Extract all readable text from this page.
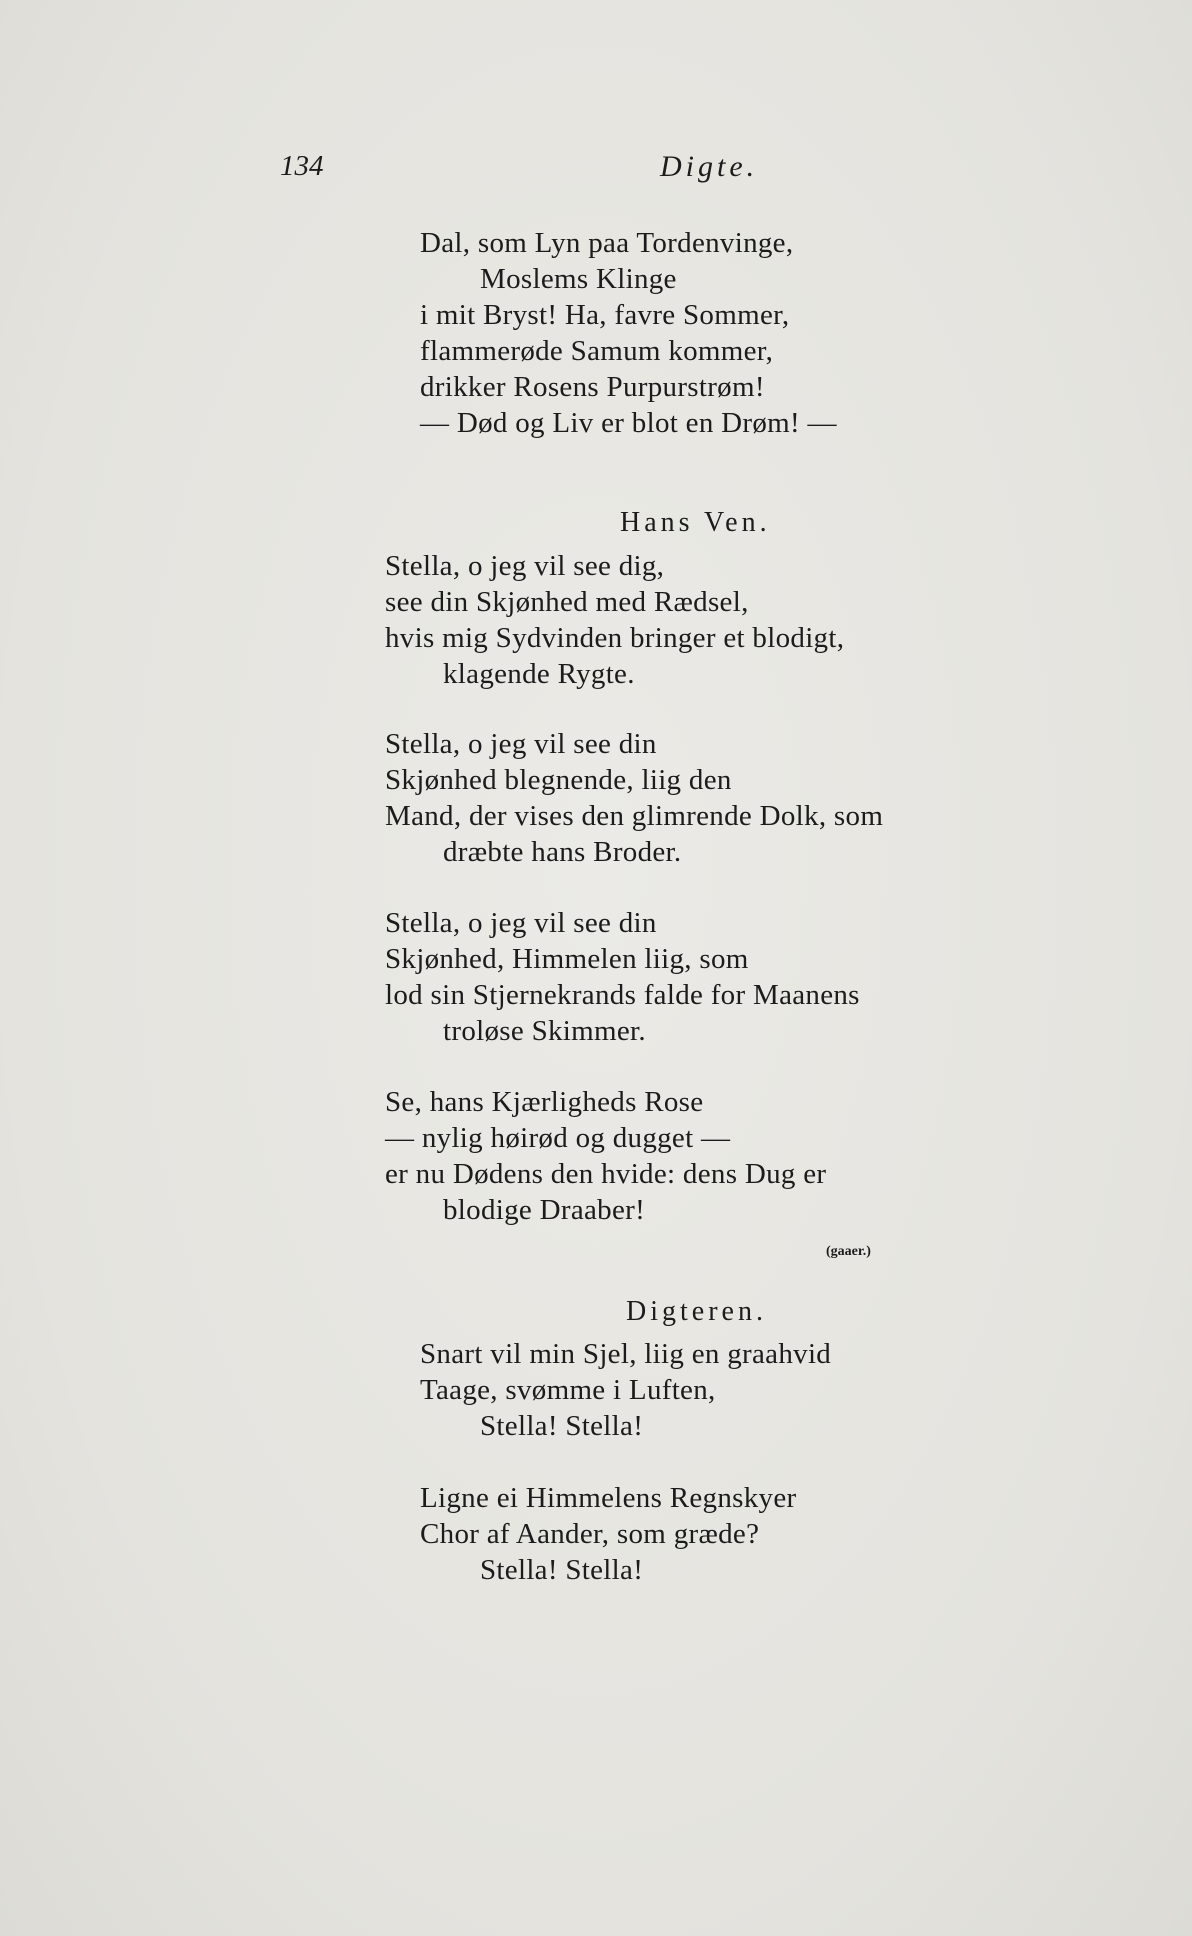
134	Digte.
Dal, som Lyn paa Tordenvinge,
Moslems Klinge
i mit Bryst! Ha, favre Sommer,
flammerøde Samum kommer,
drikker Rosens Purpurstrøm!
— Død og Liv er blot en Drøm! —
Hans Ven.
Stella, o jeg vil see dig,
see din Skjønhed med Rædsel,
hvis mig Sydvinden bringer et blodigt,
klagende Rygte.
Stella, o jeg vil see din
Skjønhed blegnende, liig den
Mand, der vises den glimrende Dolk, som
dræbte hans Broder.
Stella, o jeg vil see din
Skjønhed, Himmelen liig, som
lod sin Stjernekrands falde for Maanens
troløse Skimmer.
Se, hans Kjærligheds Rose
— nylig høirød og dugget —
er nu Dødens den hvide: dens Dug er
blodige Draaber!
(gaaer.)
Digteren.
Snart vil min Sjel, liig en graahvid
Taage, svømme i Luften,
Stella! Stella!
Ligne ei Himmelens Regnskyer
Chor af Aander, som græde?
Stella! Stella!
